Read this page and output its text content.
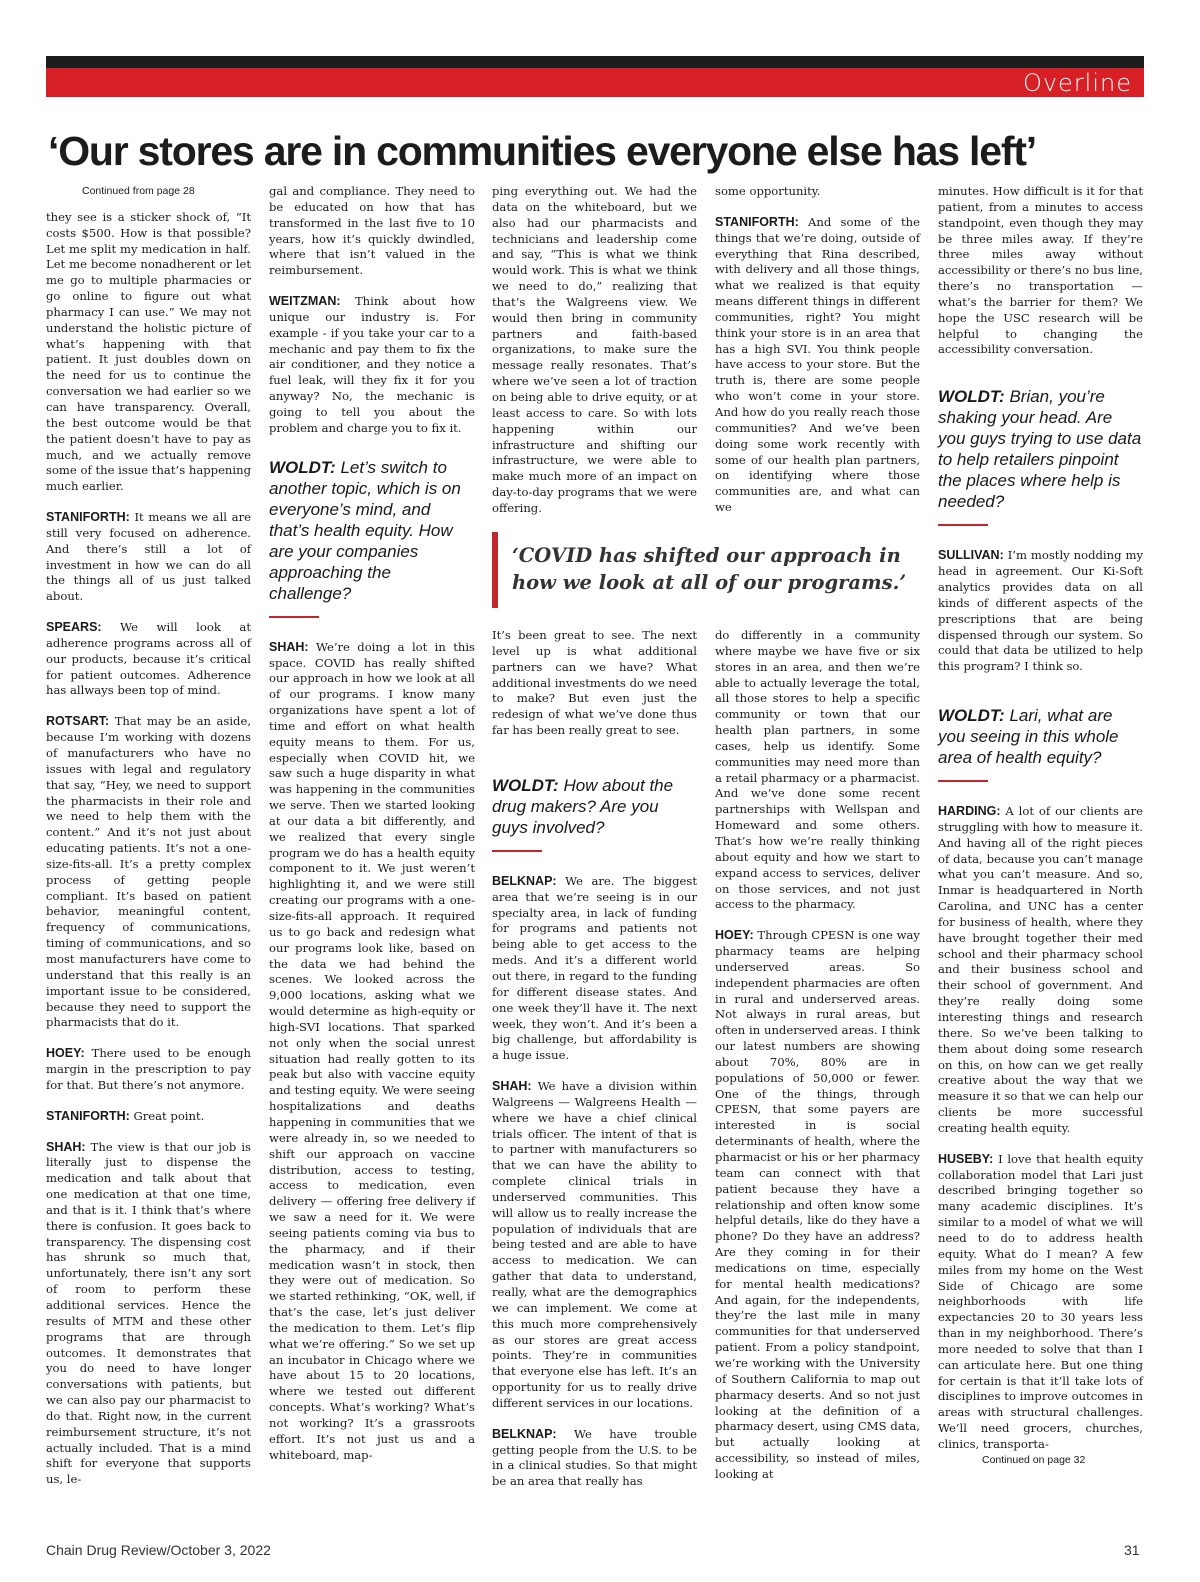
Overline
‘Our stores are in communities everyone else has left’

Continued from page 28

they see is a sticker shock of, “It costs $500. How is that possible? Let me split my medication in half. Let me become nonadherent or let me go to multiple pharmacies or go online to figure out what pharmacy I can use.” We may not understand the holistic picture of what’s happening with that patient. It just doubles down on the need for us to continue the conversation we had earlier so we can have transparency. Overall, the best outcome would be that the patient doesn’t have to pay as much, and we actually remove some of the issue that’s happening much earlier.

STANIFORTH: It means we all are still very focused on adherence. And there’s still a lot of investment in how we can do all the things all of us just talked about.

SPEARS: We will look at adherence programs across all of our products, because it’s critical for patient outcomes. Adherence has allways been top of mind.

ROTSART: That may be an aside, because I’m working with dozens of manufacturers who have no issues with legal and regulatory that say, “Hey, we need to support the pharmacists in their role and we need to help them with the content.” And it’s not just about educating patients. It’s not a one-size-fits-all. It’s a pretty complex process of getting people compliant. It’s based on patient behavior, meaningful content, frequency of communications, timing of communications, and so most manufacturers have come to understand that this really is an important issue to be considered, because they need to support the pharmacists that do it.

HOEY: There used to be enough margin in the prescription to pay for that. But there’s not anymore.

STANIFORTH: Great point.

SHAH: The view is that our job is literally just to dispense the medication and talk about that one medication at that one time, and that is it. I think that’s where there is confusion. It goes back to transparency. The dispensing cost has shrunk so much that, unfortunately, there isn’t any sort of room to perform these additional services. Hence the results of MTM and these other programs that are through outcomes. It demonstrates that you do need to have longer conversations with patients, but we can also pay our pharmacist to do that. Right now, in the current reimbursement structure, it’s not actually included. That is a mind shift for everyone that supports us, le-

gal and compliance. They need to be educated on how that has transformed in the last five to 10 years, how it’s quickly dwindled, where that isn’t valued in the reimbursement.

WEITZMAN: Think about how unique our industry is. For example - if you take your car to a mechanic and pay them to fix the air conditioner, and they notice a fuel leak, will they fix it for you anyway? No, the mechanic is going to tell you about the problem and charge you to fix it.

WOLDT: Let’s switch to another topic, which is on everyone’s mind, and that’s health equity. How are your companies approaching the challenge?

SHAH: We’re doing a lot in this space. COVID has really shifted our approach in how we look at all of our programs. I know many organizations have spent a lot of time and effort on what health equity means to them. For us, especially when COVID hit, we saw such a huge disparity in what was happening in the communities we serve. Then we started looking at our data a bit differently, and we realized that every single program we do has a health equity component to it. We just weren’t highlighting it, and we were still creating our programs with a one-size-fits-all approach. It required us to go back and redesign what our programs look like, based on the data we had behind the scenes. We looked across the 9,000 locations, asking what we would determine as high-equity or high-SVI locations. That sparked not only when the social unrest situation had really gotten to its peak but also with vaccine equity and testing equity. We were seeing hospitalizations and deaths happening in communities that we were already in, so we needed to shift our approach on vaccine distribution, access to testing, access to medication, even delivery — offering free delivery if we saw a need for it. We were seeing patients coming via bus to the pharmacy, and if their medication wasn’t in stock, then they were out of medication. So we started rethinking, “OK, well, if that’s the case, let’s just deliver the medication to them. Let’s flip what we’re offering.” So we set up an incubator in Chicago where we have about 15 to 20 locations, where we tested out different concepts. What’s working? What’s not working? It’s a grassroots effort. It’s not just us and a whiteboard, map-

ping everything out. We had the data on the whiteboard, but we also had our pharmacists and technicians and leadership come and say, “This is what we think would work. This is what we think we need to do,” realizing that that’s the Walgreens view. We would then bring in community partners and faith-based organizations, to make sure the message really resonates. That’s where we’ve seen a lot of traction on being able to drive equity, or at least access to care. So with lots happening within our infrastructure and shifting our infrastructure, we were able to make much more of an impact on day-to-day programs that we were offering.

some opportunity.

STANIFORTH: And some of the things that we’re doing, outside of everything that Rina described, with delivery and all those things, what we realized is that equity means different things in different communities, right? You might think your store is in an area that has a high SVI. You think people have access to your store. But the truth is, there are some people who won’t come in your store. And how do you really reach those communities? And we’ve been doing some work recently with some of our health plan partners, on identifying where those communities are, and what can we

‘COVID has shifted our approach in how we look at all of our programs.’

It’s been great to see. The next level up is what additional partners can we have? What additional investments do we need to make? But even just the redesign of what we’ve done thus far has been really great to see.

WOLDT: How about the drug makers? Are you guys involved?

BELKNAP: We are. The biggest area that we’re seeing is in our specialty area, in lack of funding for programs and patients not being able to get access to the meds. And it’s a different world out there, in regard to the funding for different disease states. And one week they’ll have it. The next week, they won’t. And it’s been a big challenge, but affordability is a huge issue.

SHAH: We have a division within Walgreens — Walgreens Health — where we have a chief clinical trials officer. The intent of that is to partner with manufacturers so that we can have the ability to complete clinical trials in underserved communities. This will allow us to really increase the population of individuals that are being tested and are able to have access to medication. We can gather that data to understand, really, what are the demographics we can implement. We come at this much more comprehensively as our stores are great access points. They’re in communities that everyone else has left. It’s an opportunity for us to really drive different services in our locations.

BELKNAP: We have trouble getting people from the U.S. to be in a clinical studies. So that might be an area that really has

do differently in a community where maybe we have five or six stores in an area, and then we’re able to actually leverage the total, all those stores to help a specific community or town that our health plan partners, in some cases, help us identify. Some communities may need more than a retail pharmacy or a pharmacist. And we’ve done some recent partnerships with Wellspan and Homeward and some others. That’s how we’re really thinking about equity and how we start to expand access to services, deliver on those services, and not just access to the pharmacy.

HOEY: Through CPESN is one way pharmacy teams are helping underserved areas. So independent pharmacies are often in rural and underserved areas. Not always in rural areas, but often in underserved areas. I think our latest numbers are showing about 70%, 80% are in populations of 50,000 or fewer. One of the things, through CPESN, that some payers are interested in is social determinants of health, where the pharmacist or his or her pharmacy team can connect with that patient because they have a relationship and often know some helpful details, like do they have a phone? Do they have an address? Are they coming in for their medications on time, especially for mental health medications? And again, for the independents, they’re the last mile in many communities for that underserved patient. From a policy standpoint, we’re working with the University of Southern California to map out pharmacy deserts. And so not just looking at the definition of a pharmacy desert, using CMS data, but actually looking at accessibility, so instead of miles, looking at

minutes. How difficult is it for that patient, from a minutes to access standpoint, even though they may be three miles away. If they’re three miles away without accessibility or there’s no bus line, there’s no transportation — what’s the barrier for them? We hope the USC research will be helpful to changing the accessibility conversation.

WOLDT: Brian, you’re shaking your head. Are you guys trying to use data to help retailers pinpoint the places where help is needed?

SULLIVAN: I’m mostly nodding my head in agreement. Our Ki-Soft analytics provides data on all kinds of different aspects of the prescriptions that are being dispensed through our system. So could that data be utilized to help this program? I think so.

WOLDT: Lari, what are you seeing in this whole area of health equity?

HARDING: A lot of our clients are struggling with how to measure it. And having all of the right pieces of data, because you can’t manage what you can’t measure. And so, Inmar is headquartered in North Carolina, and UNC has a center for business of health, where they have brought together their med school and their pharmacy school and their business school and their school of government. And they’re really doing some interesting things and research there. So we’ve been talking to them about doing some research on this, on how can we get really creative about the way that we measure it so that we can help our clients be more successful creating health equity.

HUSEBY: I love that health equity collaboration model that Lari just described bringing together so many academic disciplines. It’s similar to a model of what we will need to do to address health equity. What do I mean? A few miles from my home on the West Side of Chicago are some neighborhoods with life expectancies 20 to 30 years less than in my neighborhood. There’s more needed to solve that than I can articulate here. But one thing for certain is that it’ll take lots of disciplines to improve outcomes in areas with structural challenges. We’ll need grocers, churches, clinics, transporta-

Continued on page 32

Chain Drug Review/October 3, 2022	31
